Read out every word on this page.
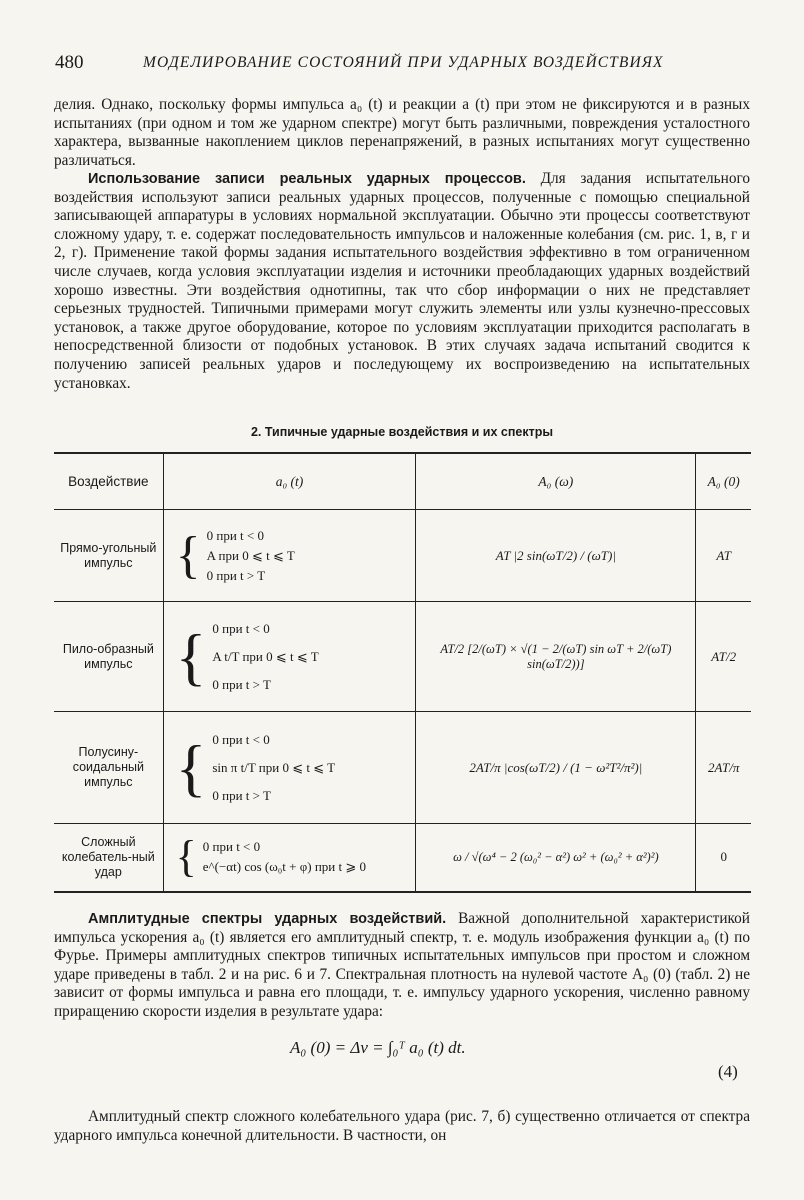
480	МОДЕЛИРОВАНИЕ СОСТОЯНИЙ ПРИ УДАРНЫХ ВОЗДЕЙСТВИЯХ

делия. Однако, поскольку формы импульса a₀ (t) и реакции a (t) при этом не фиксируются и в разных испытаниях (при одном и том же ударном спектре) могут быть различными, повреждения усталостного характера, вызванные накоплением циклов перенапряжений, в разных испытаниях могут существенно различаться.

Использование записи реальных ударных процессов. Для задания испытательного воздействия используют записи реальных ударных процессов, полученные с помощью специальной записывающей аппаратуры в условиях нормальной эксплуатации. Обычно эти процессы соответствуют сложному удару, т. е. содержат последовательность импульсов и наложенные колебания (см. рис. 1, в, г и 2, г). Применение такой формы задания испытательного воздействия эффективно в том ограниченном числе случаев, когда условия эксплуатации изделия и источники преобладающих ударных воздействий хорошо известны. Эти воздействия однотипны, так что сбор информации о них не представляет серьезных трудностей. Типичными примерами могут служить элементы или узлы кузнечно-прессовых установок, а также другое оборудование, которое по условиям эксплуатации приходится располагать в непосредственной близости от подобных установок. В этих случаях задача испытаний сводится к получению записей реальных ударов и последующему их воспроизведению на испытательных установках.

2. Типичные ударные воздействия и их спектры
Воздействие	a₀ (t)	A₀ (ω)	A₀ (0)
Прямо-угольный импульс	{ 0 при t < 0
A при 0 ⩽ t ⩽ T
0 при t > T	AT |2 sin(ωT/2) / (ωT)|	AT
Пило-образный импульс	{ 0 при t < 0
A t/T при 0 ⩽ t ⩽ T
0 при t > T	AT/2 [2/(ωT) × √(1 − 2/(ωT) sin ωT + 2/(ωT) sin(ωT/2))]	AT/2
Полусину-соидальный импульс	{ 0 при t < 0
sin π t/T при 0 ⩽ t ⩽ T
0 при t > T	2AT/π |cos(ωT/2) / (1 − ω²T²/π²)|	2AT/π
Сложный колебатель-ный удар	{ 0 при t < 0
e^(−αt) cos (ω₀t + φ) при t ⩾ 0	ω / √(ω⁴ − 2 (ω₀² − α²) ω² + (ω₀² + α²)²)	0

Амплитудные спектры ударных воздействий. Важной дополнительной характеристикой импульса ускорения a₀ (t) является его амплитудный спектр, т. е. модуль изображения функции a₀ (t) по Фурье. Примеры амплитудных спектров типичных испытательных импульсов при простом и сложном ударе приведены в табл. 2 и на рис. 6 и 7. Спектральная плотность на нулевой частоте A₀ (0) (табл. 2) не зависит от формы импульса и равна его площади, т. е. импульсу ударного ускорения, численно равному приращению скорости изделия в результате удара:

A₀ (0) = Δv = ∫₀ᵀ a₀ (t) dt.
(4)

Амплитудный спектр сложного колебательного удара (рис. 7, б) существенно отличается от спектра ударного импульса конечной длительности. В частности, он
